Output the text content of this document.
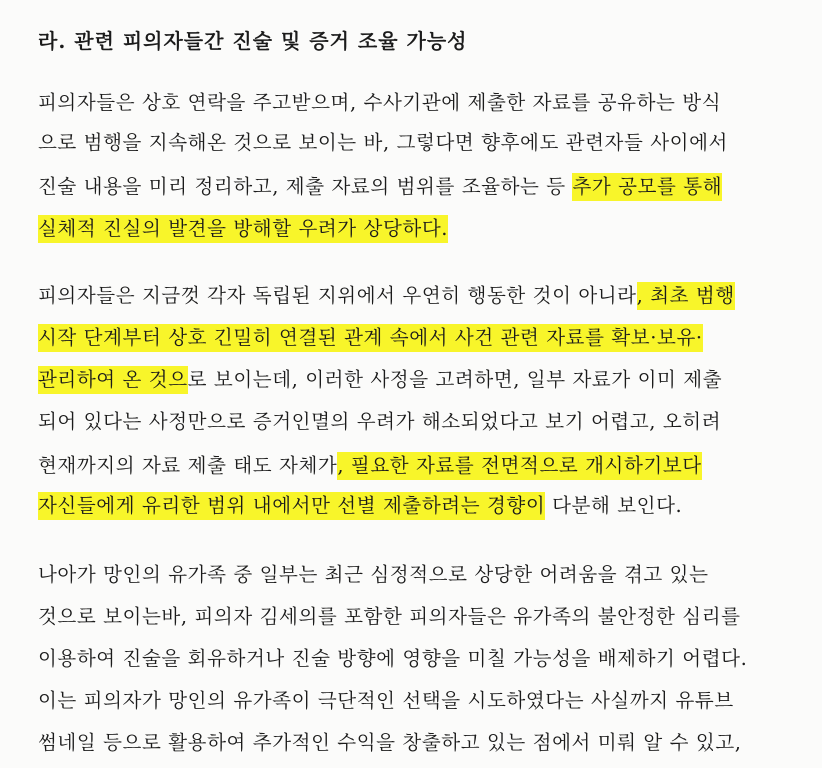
라. 관련 피의자들간 진술 및 증거 조율 가능성
피의자들은 상호 연락을 주고받으며, 수사기관에 제출한 자료를 공유하는 방식
으로 범행을 지속해온 것으로 보이는 바, 그렇다면 향후에도 관련자들 사이에서
진술 내용을 미리 정리하고, 제출 자료의 범위를 조율하는 등 추가 공모를 통해
실체적 진실의 발견을 방해할 우려가 상당하다.
피의자들은 지금껏 각자 독립된 지위에서 우연히 행동한 것이 아니라, 최초 범행
시작 단계부터 상호 긴밀히 연결된 관계 속에서 사건 관련 자료를 확보·보유·
관리하여 온 것으로 보이는데, 이러한 사정을 고려하면, 일부 자료가 이미 제출
되어 있다는 사정만으로 증거인멸의 우려가 해소되었다고 보기 어렵고, 오히려
현재까지의 자료 제출 태도 자체가, 필요한 자료를 전면적으로 개시하기보다
자신들에게 유리한 범위 내에서만 선별 제출하려는 경향이 다분해 보인다.
나아가 망인의 유가족 중 일부는 최근 심정적으로 상당한 어려움을 겪고 있는
것으로 보이는바, 피의자 김세의를 포함한 피의자들은 유가족의 불안정한 심리를
이용하여 진술을 회유하거나 진술 방향에 영향을 미칠 가능성을 배제하기 어렵다.
이는 피의자가 망인의 유가족이 극단적인 선택을 시도하였다는 사실까지 유튜브
썸네일 등으로 활용하여 추가적인 수익을 창출하고 있는 점에서 미뤄 알 수 있고,
